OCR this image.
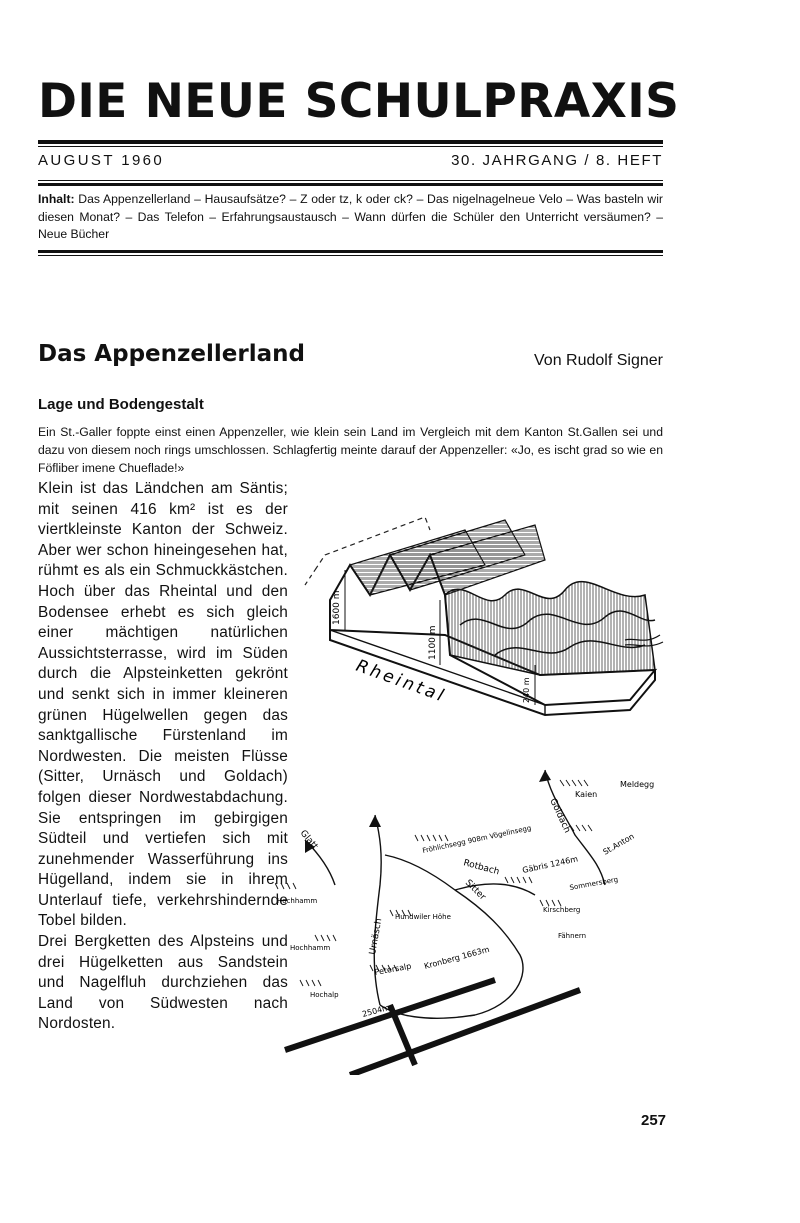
DIE NEUE SCHULPRAXIS
AUGUST 1960	30. JAHRGANG / 8. HEFT
Inhalt: Das Appenzellerland – Hausaufsätze? – Z oder tz, k oder ck? – Das nigelnagelneue Velo – Was basteln wir diesen Monat? – Das Telefon – Erfahrungsaustausch – Wann dürfen die Schüler den Unterricht versäumen? – Neue Bücher
Das Appenzellerland	Von Rudolf Signer
Lage und Bodengestalt
Ein St.-Galler foppte einst einen Appenzeller, wie klein sein Land im Vergleich mit dem Kanton St.Gallen sei und dazu von diesem noch rings umschlossen. Schlagfertig meinte darauf der Appenzeller: «Jo, es ischt grad so wie en Föfliber imene Chueflade!»

Klein ist das Ländchen am Säntis; mit seinen 416 km² ist es der viertkleinste Kanton der Schweiz. Aber wer schon hineingesehen hat, rühmt es als ein Schmuckkästchen. Hoch über das Rheintal und den Bodensee erhebt es sich gleich einer mächtigen natürlichen Aussichtsterrasse, wird im Süden durch die Alpsteinketten gekrönt und senkt sich in immer kleineren grünen Hügelwellen gegen das sanktgallische Fürstenland im Nordwesten. Die meisten Flüsse (Sitter, Urnäsch und Goldach) folgen dieser Nordwestabdachung. Sie entspringen im gebirgigen Südteil und vertiefen sich mit zunehmender Wasserführung ins Hügelland, indem sie in ihrem Unterlauf tiefe, verkehrshindernde Tobel bilden.

Drei Bergketten des Alpsteins und drei Hügelketten aus Sandstein und Nagelfluh durchziehen das Land von Südwesten nach Nordosten.

1600 m
1100 m
240 m
Rheintal
Glatt
Urnäsch
Sitter
Rotbach
Goldach
Meldegg
Kaien
St.Anton
Fröhlichsegg 908m Vögelinsegg
Gäbris 1246m
Sommersberg
Hochhamm
Hochhamm
Hundwiler Höhe
Kirschberg
Fähnern
Petersalp Kronberg 1663m
Hochalp
2504m
257
